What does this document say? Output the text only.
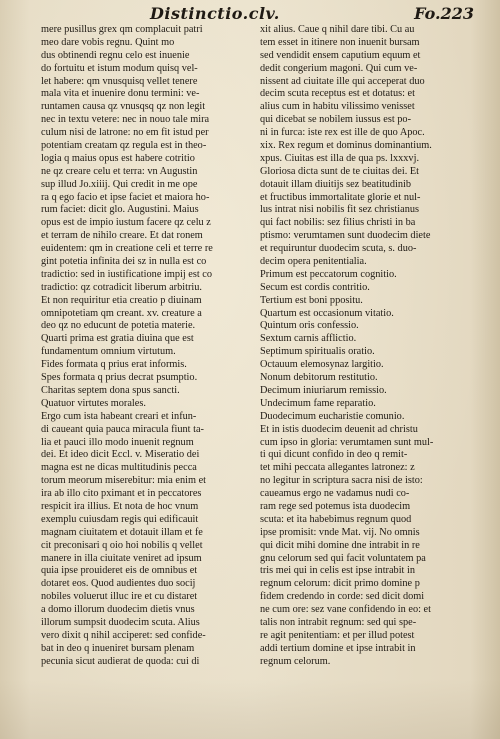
Distinctio.clv.	Fo.223
mere pusillus grex qm complacuit patri
meo dare vobis regnu. Quint mo
dus obtinendi regnu celo est inuenie
do fortuitu et istum modum quisq vel-
let habere: qm vnusquisq vellet tenere
mala vita et inuenire donu termini: ve-
runtamen causa qz vnusqsq qz non legit
nec in textu vetere: nec in nouo tale mira
culum nisi de latrone: no em fit istud per
potentiam creatam qz regula est in theo-
logia q maius opus est habere cotritio
ne qz creare celu et terra: vn Augustin
sup illud Jo.xiiij. Qui credit in me ope
ra q ego facio et ipse faciet et maiora ho-
rum faciet: dicit glo. Augustini. Maius
opus est de impio iustum facere qz celu z
et terram de nihilo creare. Et dat ronem
euidentem: qm in creatione celi et terre re
gint potetia infinita dei sz in nulla est co
tradictio: sed in iustificatione impij est co
tradictio: qz cotradicit liberum arbitriu.
Et non requiritur etia creatio p diuinam
omnipotetiam qm creant. xv. creature a
deo qz no educunt de potetia materie.
Quarti prima est gratia diuina que est
fundamentum omnium virtutum.
Fides formata q prius erat informis.
Spes formata q prius decrat psumptio.
Charitas septem dona spus sancti.
Quatuor virtutes morales.
Ergo cum ista habeant creari et infun-
di caueant quia pauca miracula fiunt ta-
lia et pauci illo modo inuenit regnum
dei. Et ideo dicit Eccl. v. Miseratio dei
magna est ne dicas multitudinis pecca
torum meorum miserebitur: mia enim et
ira ab illo cito pximant et in peccatores
respicit ira illius. Et nota de hoc vnum
exemplu cuiusdam regis qui edificauit
magnam ciuitatem et dotauit illam et fe
cit preconisari q oio hoi nobilis q vellet
manere in illa ciuitate veniret ad ipsum
quia ipse prouideret eis de omnibus et
dotaret eos. Quod audientes duo socij
nobiles voluerut illuc ire et cu distaret
a domo illorum duodecim dietis vnus
illorum sumpsit duodecim scuta. Alius
vero dixit q nihil acciperet: sed confide-
bat in deo q inueniret bursam plenam
pecunia sicut audierat de quoda: cui di
xit alius. Caue q nihil dare tibi. Cu au
tem esset in itinere non inuenit bursam
sed vendidit ensem caputium equum et
dedit congerium magoni. Qui cum ve-
nissent ad ciuitate ille qui acceperat duo
decim scuta receptus est et dotatus: et
alius cum in habitu vilissimo venisset
qui dicebat se nobilem iussus est po-
ni in furca: iste rex est ille de quo Apoc.
xix. Rex regum et dominus dominantium.
xpus. Ciuitas est illa de qua ps. lxxxvj.
Gloriosa dicta sunt de te ciuitas dei. Et
dotauit illam diuitijs sez beatitudinib
et fructibus immortalitate glorie et nul-
lus intrat nisi nobilis fit sez christianus
qui fact nobilis: sez filius christi in ba
ptismo: verumtamen sunt duodecim diete
et requiruntur duodecim scuta, s. duo-
decim opera penitentialia.
Primum est peccatorum cognitio.
Secum est cordis contritio.
Tertium est boni ppositu.
Quartum est occasionum vitatio.
Quintum oris confessio.
Sextum carnis afflictio.
Septimum spiritualis oratio.
Octauum elemosynaz largitio.
Nonum debitorum restitutio.
Decimum iniuriarum remissio.
Undecimum fame reparatio.
Duodecimum eucharistie comunio.
Et in istis duodecim deuenit ad christu
cum ipso in gloria: verumtamen sunt mul-
ti qui dicunt confido in deo q remit-
tet mihi peccata allegantes latronez: z
no legitur in scriptura sacra nisi de isto:
caueamus ergo ne vadamus nudi co-
ram rege sed potemus ista duodecim
scuta: et ita habebimus regnum quod
ipse promisit: vnde Mat. vij. No omnis
qui dicit mihi domine dne intrabit in re
gnu celorum sed qui facit voluntatem pa
tris mei qui in celis est ipse intrabit in
regnum celorum: dicit primo domine p
fidem credendo in corde: sed dicit domi
ne cum ore: sez vane confidendo in eo: et
talis non intrabit regnum: sed qui spe-
re agit penitentiam: et per illud potest
addi tertium domine et ipse intrabit in
regnum celorum.
